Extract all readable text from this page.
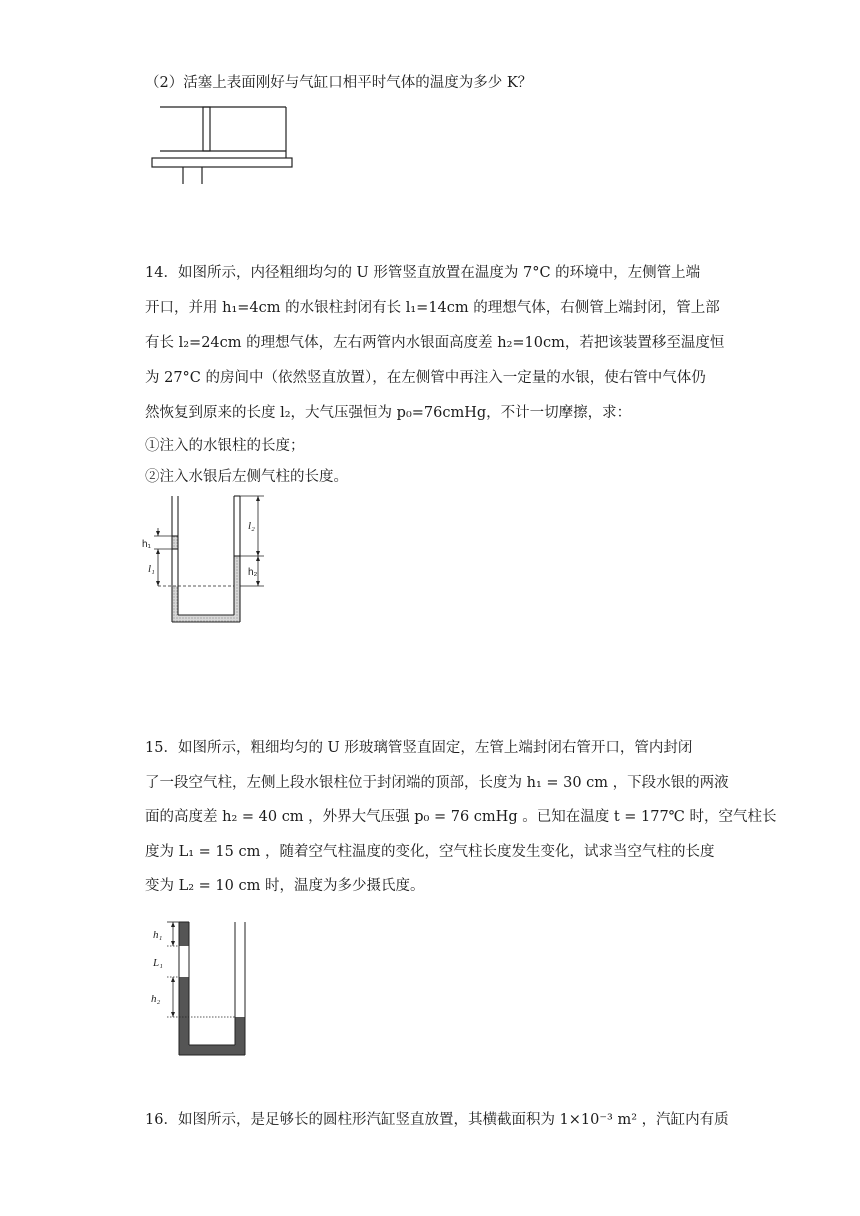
（2）活塞上表面刚好与气缸口相平时气体的温度为多少 K？
14．如图所示，内径粗细均匀的 U 形管竖直放置在温度为 7°C 的环境中，左侧管上端
开口，并用 h₁=4cm 的水银柱封闭有长 l₁=14cm 的理想气体，右侧管上端封闭，管上部
有长 l₂=24cm 的理想气体，左右两管内水银面高度差 h₂=10cm，若把该装置移至温度恒
为 27°C 的房间中（依然竖直放置），在左侧管中再注入一定量的水银，使右管中气体仍
然恢复到原来的长度 l₂，大气压强恒为 p₀=76cmHg，不计一切摩擦，求：
①注入的水银柱的长度；
②注入水银后左侧气柱的长度。
h₁
l₁
l₂
h₂
15．如图所示，粗细均匀的 U 形玻璃管竖直固定，左管上端封闭右管开口，管内封闭
了一段空气柱，左侧上段水银柱位于封闭端的顶部，长度为 h₁ = 30 cm ，下段水银的两液
面的高度差 h₂ = 40 cm ，外界大气压强 p₀ = 76 cmHg 。已知在温度 t = 177℃ 时，空气柱长
度为 L₁ = 15 cm ，随着空气柱温度的变化，空气柱长度发生变化，试求当空气柱的长度
变为 L₂ = 10 cm 时，温度为多少摄氏度。
h₁
L₁
h₂
16．如图所示，是足够长的圆柱形汽缸竖直放置，其横截面积为 1×10⁻³ m² ，汽缸内有质
